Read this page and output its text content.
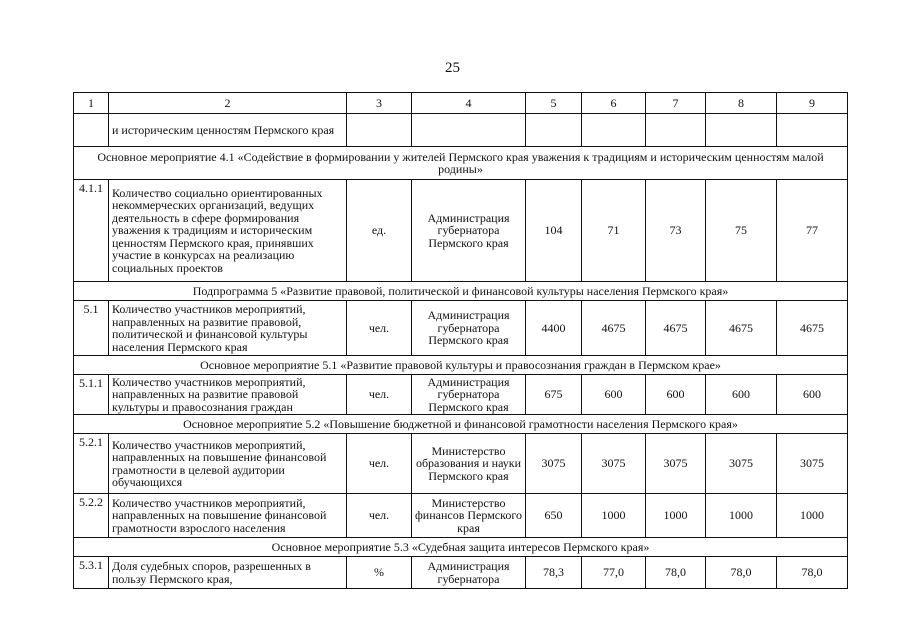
25
1	2	3	4	5	6	7	8	9
	и историческим ценностям Пермского края							
Основное мероприятие 4.1 «Содействие в формировании у жителей Пермского края уважения к традициям и историческим ценностям малой родины»								
4.1.1	Количество социально ориентированных некоммерческих организаций, ведущих деятельность в сфере формирования уважения к традициям и историческим ценностям Пермского края, принявших участие в конкурсах на реализацию социальных проектов	ед.	Администрация губернатора Пермского края	104	71	73	75	77
Подпрограмма 5 «Развитие правовой, политической и финансовой культуры населения Пермского края»								
5.1	Количество участников мероприятий, направленных на развитие правовой, политической и финансовой культуры населения Пермского края	чел.	Администрация губернатора Пермского края	4400	4675	4675	4675	4675
Основное мероприятие 5.1 «Развитие правовой культуры и правосознания граждан в Пермском крае»								
5.1.1	Количество участников мероприятий, направленных на развитие правовой культуры и правосознания граждан	чел.	Администрация губернатора Пермского края	675	600	600	600	600
Основное мероприятие 5.2 «Повышение бюджетной и финансовой грамотности населения Пермского края»								
5.2.1	Количество участников мероприятий, направленных на повышение финансовой грамотности в целевой аудитории обучающихся	чел.	Министерство образования и науки Пермского края	3075	3075	3075	3075	3075
5.2.2	Количество участников мероприятий, направленных на повышение финансовой грамотности взрослого населения	чел.	Министерство финансов Пермского края	650	1000	1000	1000	1000
Основное мероприятие 5.3 «Судебная защита интересов Пермского края»								
5.3.1	Доля судебных споров, разрешенных в пользу Пермского края,	%	Администрация губернатора	78,3	77,0	78,0	78,0	78,0
